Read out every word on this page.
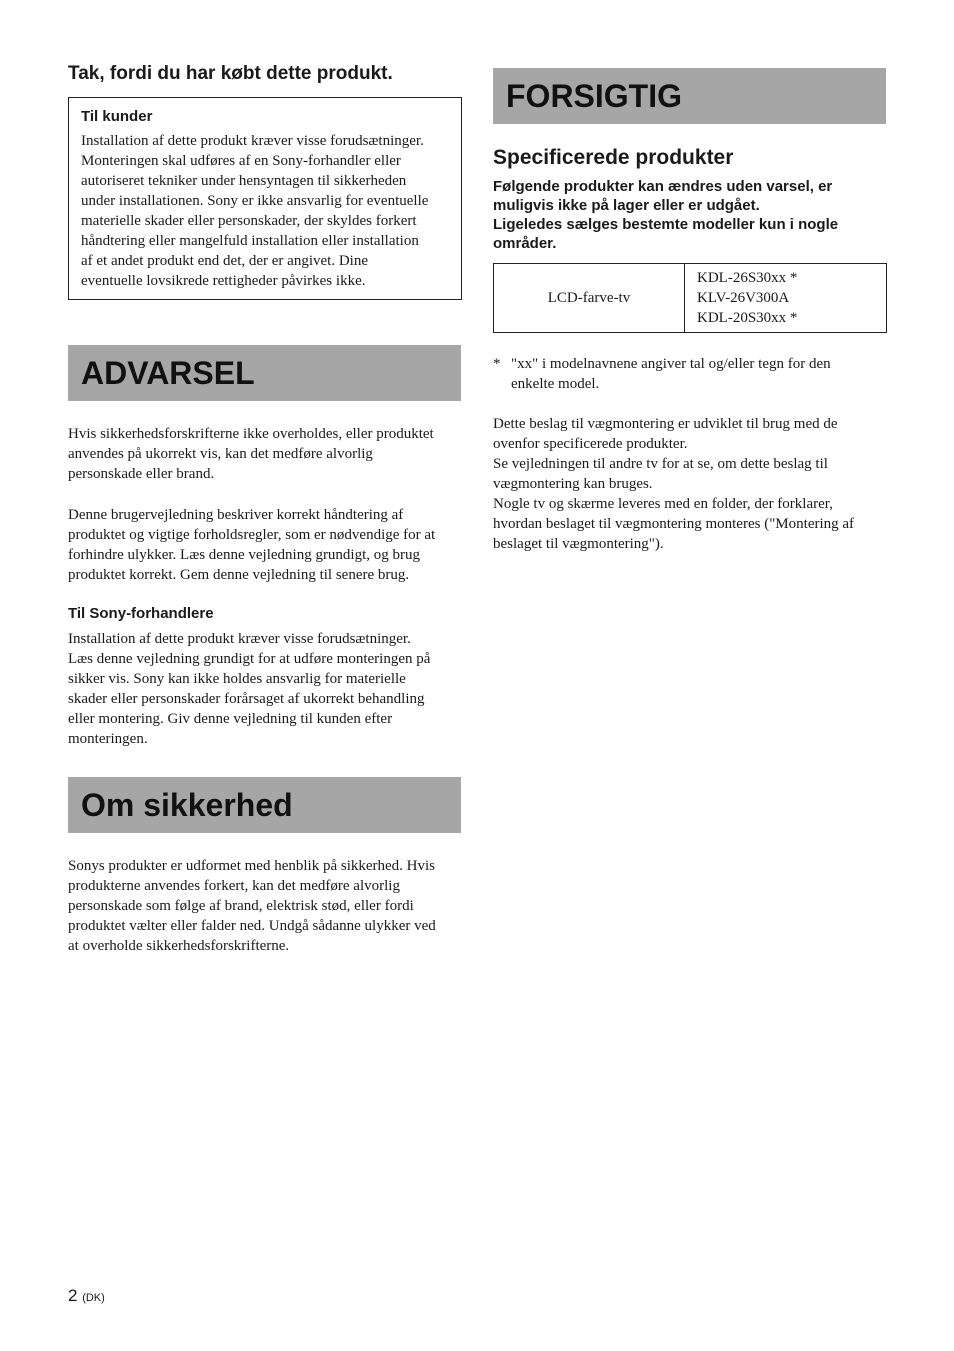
Tak, fordi du har købt dette produkt.
Til kunder

Installation af dette produkt kræver visse forudsætninger.
Monteringen skal udføres af en Sony-forhandler eller
autoriseret tekniker under hensyntagen til sikkerheden
under installationen. Sony er ikke ansvarlig for eventuelle
materielle skader eller personskader, der skyldes forkert
håndtering eller mangelfuld installation eller installation
af et andet produkt end det, der er angivet. Dine
eventuelle lovsikrede rettigheder påvirkes ikke.

ADVARSEL

Hvis sikkerhedsforskrifterne ikke overholdes, eller produktet
anvendes på ukorrekt vis, kan det medføre alvorlig
personskade eller brand.

Denne brugervejledning beskriver korrekt håndtering af
produktet og vigtige forholdsregler, som er nødvendige for at
forhindre ulykker. Læs denne vejledning grundigt, og brug
produktet korrekt. Gem denne vejledning til senere brug.

Til Sony-forhandlere

Installation af dette produkt kræver visse forudsætninger.
Læs denne vejledning grundigt for at udføre monteringen på
sikker vis. Sony kan ikke holdes ansvarlig for materielle
skader eller personskader forårsaget af ukorrekt behandling
eller montering. Giv denne vejledning til kunden efter
monteringen.

Om sikkerhed

Sonys produkter er udformet med henblik på sikkerhed. Hvis
produkterne anvendes forkert, kan det medføre alvorlig
personskade som følge af brand, elektrisk stød, eller fordi
produktet vælter eller falder ned. Undgå sådanne ulykker ved
at overholde sikkerhedsforskrifterne.

FORSIGTIG
Specificerede produkter

Følgende produkter kan ændres uden varsel, er
muligvis ikke på lager eller er udgået.
Ligeledes sælges bestemte modeller kun i nogle
områder.

LCD-farve-tv	KDL-26S30xx *
KLV-26V300A
KDL-20S30xx *
* "xx" i modelnavnene angiver tal og/eller tegn for den
enkelte model.

Dette beslag til vægmontering er udviklet til brug med de
ovenfor specificerede produkter.
Se vejledningen til andre tv for at se, om dette beslag til
vægmontering kan bruges.
Nogle tv og skærme leveres med en folder, der forklarer,
hvordan beslaget til vægmontering monteres ("Montering af
beslaget til vægmontering").

2 (DK)
